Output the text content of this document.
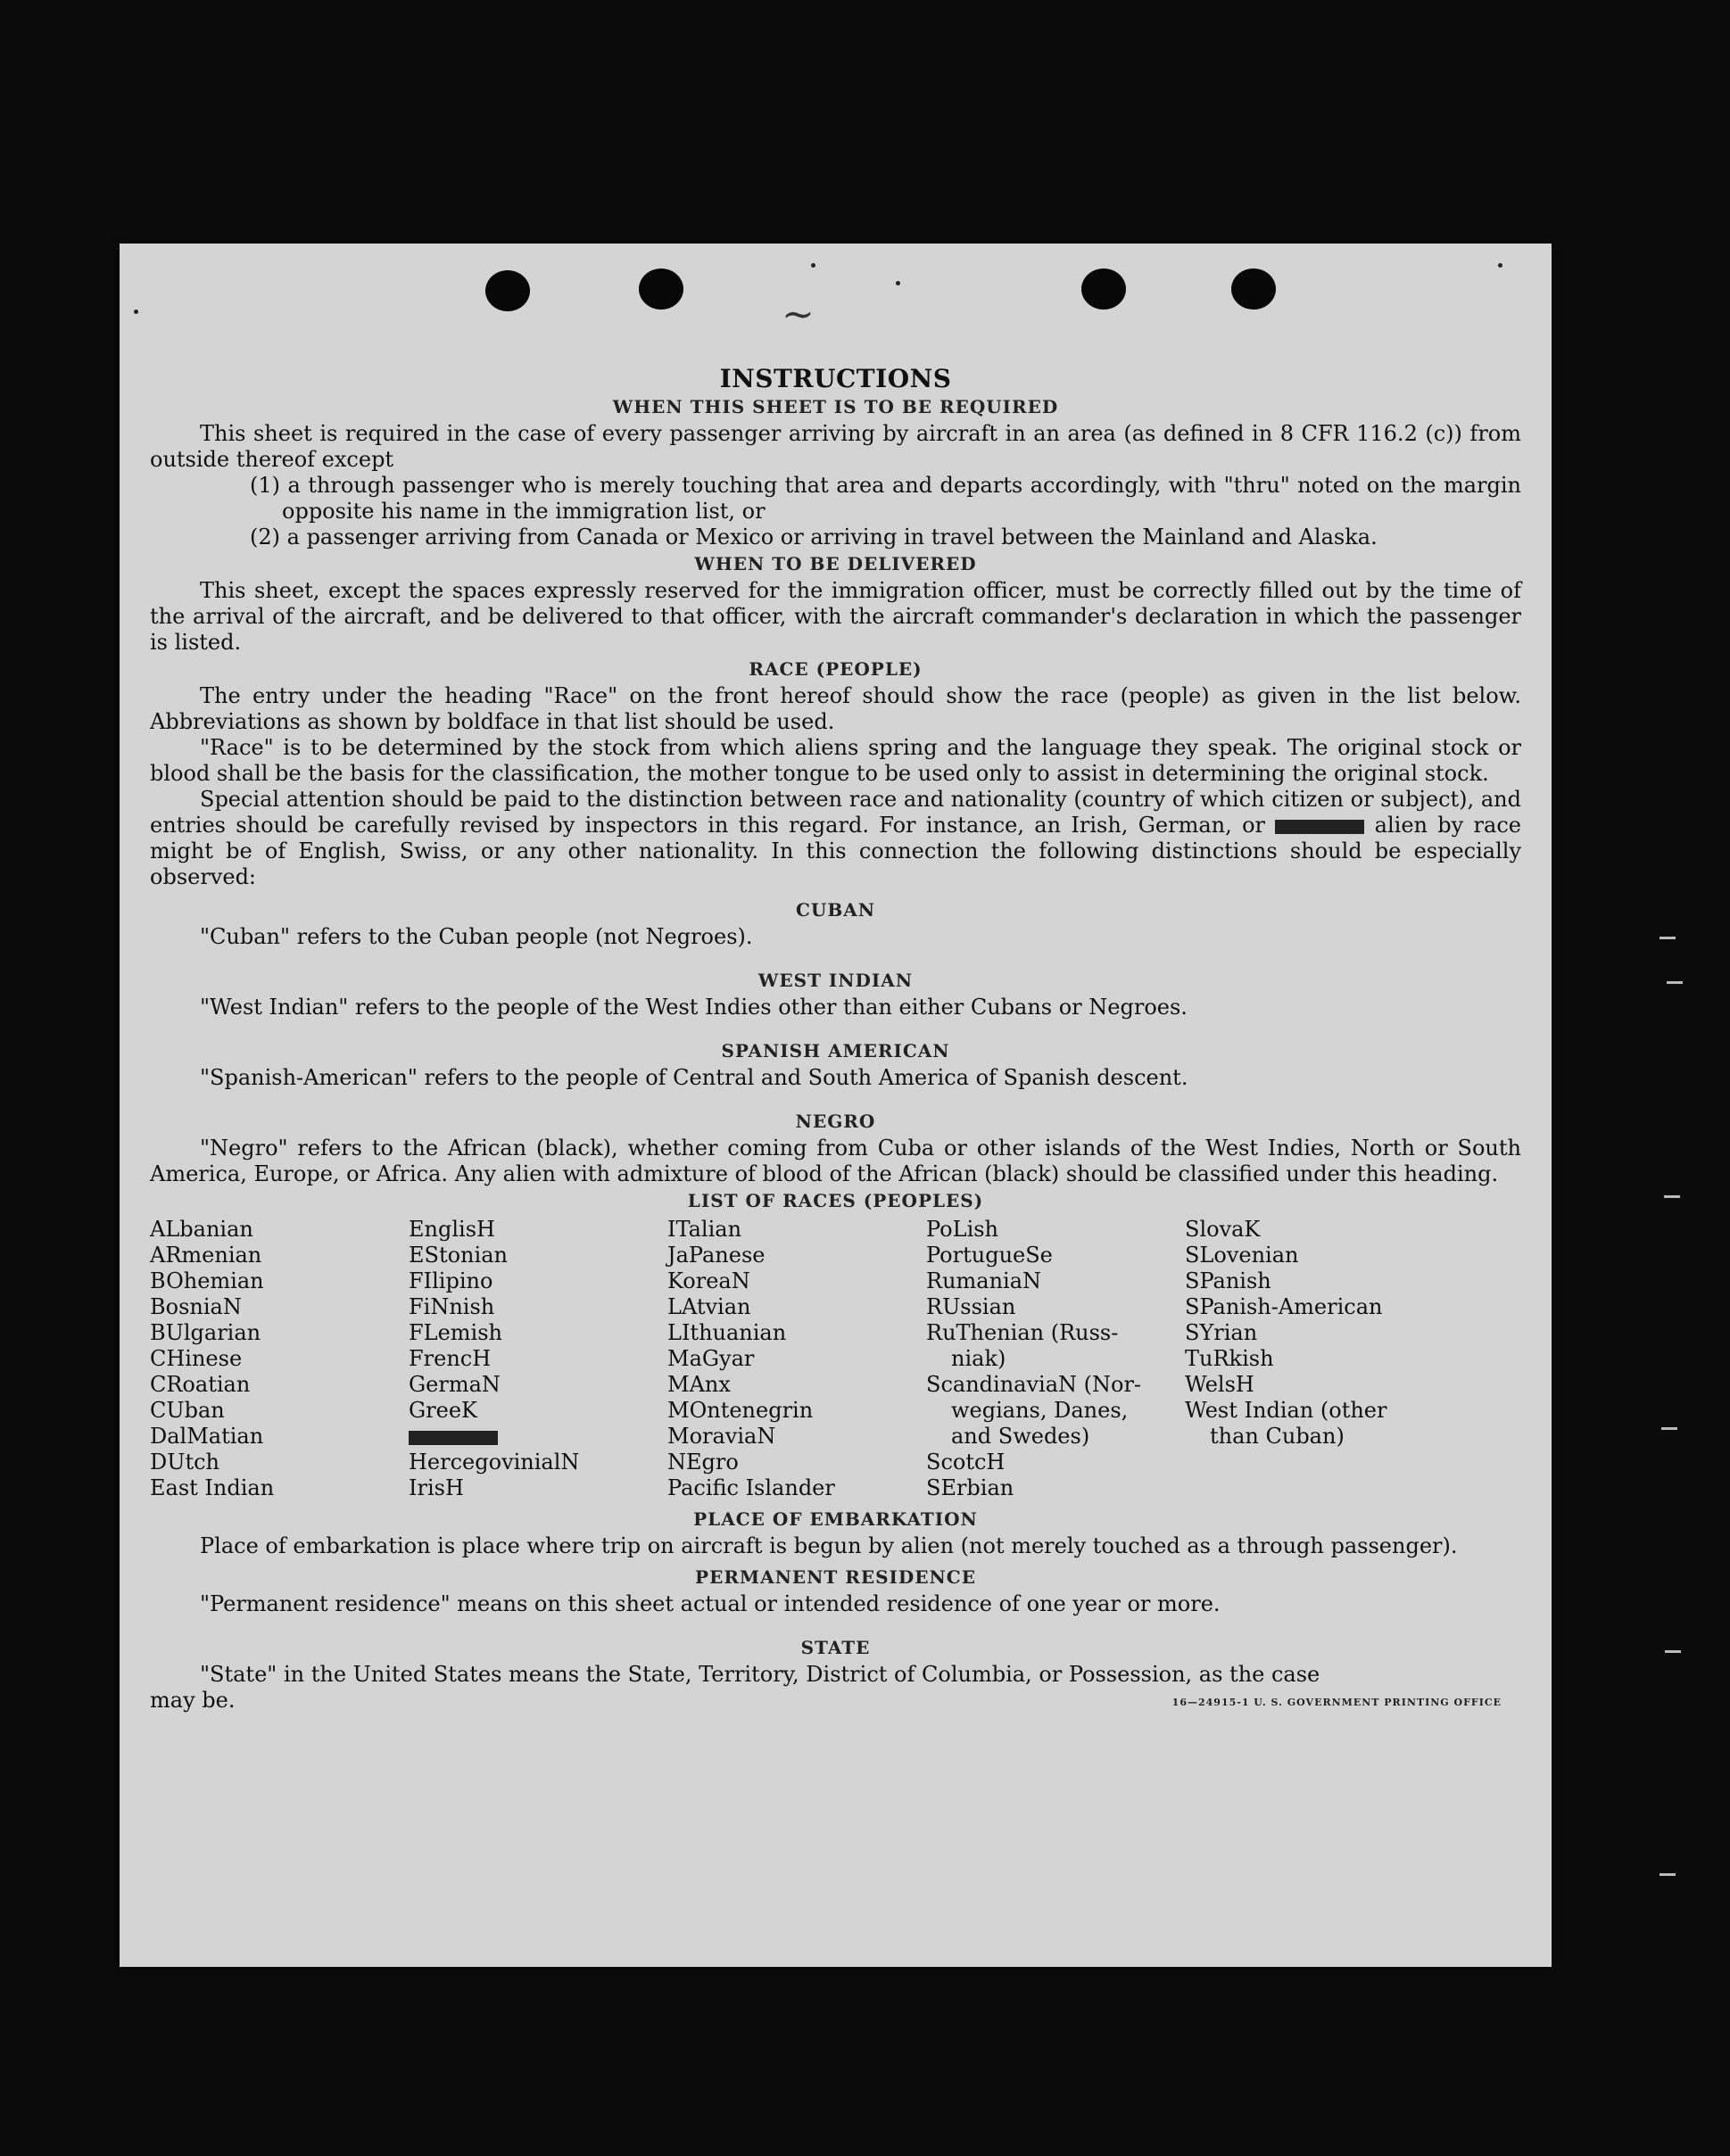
~
INSTRUCTIONS
WHEN THIS SHEET IS TO BE REQUIRED

This sheet is required in the case of every passenger arriving by aircraft in an area (as defined in 8 CFR 116.2 (c)) from outside thereof except

(1) a through passenger who is merely touching that area and departs accordingly, with "thru" noted on the margin opposite his name in the immigration list, or

(2) a passenger arriving from Canada or Mexico or arriving in travel between the Mainland and Alaska.

WHEN TO BE DELIVERED

This sheet, except the spaces expressly reserved for the immigration officer, must be correctly filled out by the time of the arrival of the aircraft, and be delivered to that officer, with the aircraft commander's declaration in which the passenger is listed.

RACE (PEOPLE)

The entry under the heading "Race" on the front hereof should show the race (people) as given in the list below. Abbreviations as shown by boldface in that list should be used.

"Race" is to be determined by the stock from which aliens spring and the language they speak. The original stock or blood shall be the basis for the classification, the mother tongue to be used only to assist in determining the original stock.

Special attention should be paid to the distinction between race and nationality (country of which citizen or subject), and entries should be carefully revised by inspectors in this regard. For instance, an Irish, German, or	alien by race might be of English, Swiss, or any other nationality. In this connection the following distinctions should be especially observed:

CUBAN

"Cuban" refers to the Cuban people (not Negroes).

WEST INDIAN

"West Indian" refers to the people of the West Indies other than either Cubans or Negroes.

SPANISH AMERICAN

"Spanish-American" refers to the people of Central and South America of Spanish descent.

NEGRO

"Negro" refers to the African (black), whether coming from Cuba or other islands of the West Indies, North or South America, Europe, or Africa. Any alien with admixture of blood of the African (black) should be classified under this heading.

LIST OF RACES (PEOPLES)
ALbanian
ARmenian
BOhemian
BosniaN
BUlgarian
CHinese
CRoatian
CUban
DalMatian
DUtch
East Indian
EnglisH
EStonian
FIlipino
FiNnish
FLemish
FrencH
GermaN
GreeK
HercegovinialN
IrisH
ITalian
JaPanese
KoreaN
LAtvian
LIthuanian
MaGyar
MAnx
MOntenegrin
MoraviaN
NEgro
Pacific Islander
PoLish
PortugueSe
RumaniaN
RUssian
RuThenian (Russ-
niak)
ScandinaviaN (Nor-
wegians, Danes,
and Swedes)
ScotcH
SErbian
SlovaK
SLovenian
SPanish
SPanish-American
SYrian
TuRkish
WelsH
West Indian (other
than Cuban)
PLACE OF EMBARKATION

Place of embarkation is place where trip on aircraft is begun by alien (not merely touched as a through passenger).

PERMANENT RESIDENCE

"Permanent residence" means on this sheet actual or intended residence of one year or more.

STATE

"State" in the United States means the State, Territory, District of Columbia, or Possession, as the case

may be.	16—24915-1 U. S. GOVERNMENT PRINTING OFFICE
